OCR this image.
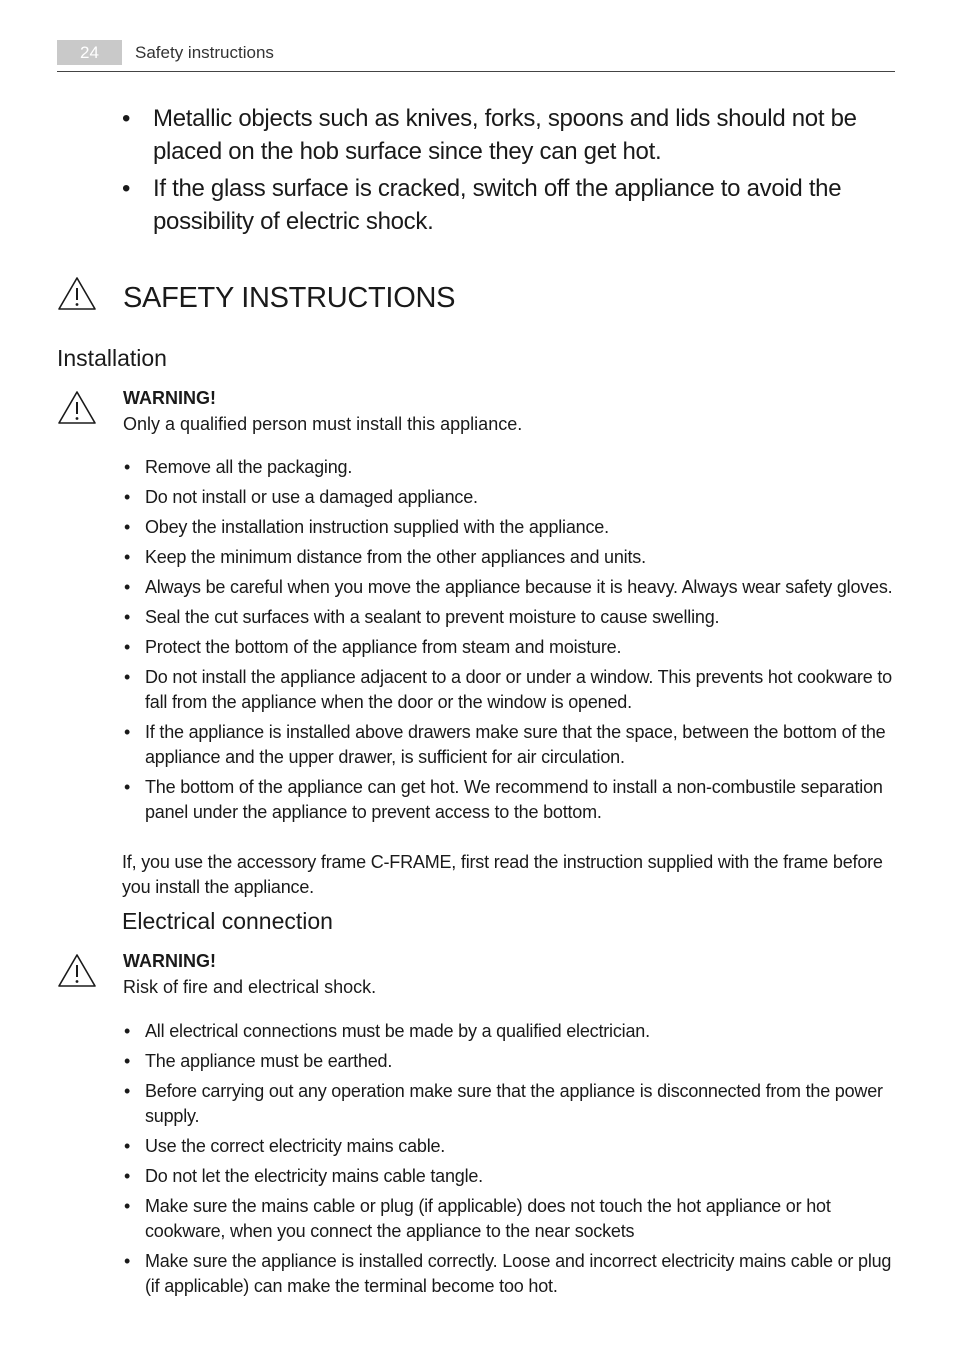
24	Safety instructions
• Metallic objects such as knives, forks, spoons and lids should not be placed on the hob surface since they can get hot.
• If the glass surface is cracked, switch off the appliance to avoid the possibility of electric shock.
SAFETY INSTRUCTIONS
Installation
WARNING!
Only a qualified person must install this appliance.
• Remove all the packaging.
• Do not install or use a damaged appliance.
• Obey the installation instruction supplied with the appliance.
• Keep the minimum distance from the other appliances and units.
• Always be careful when you move the appliance because it is heavy. Always wear safety gloves.
• Seal the cut surfaces with a sealant to prevent moisture to cause swelling.
• Protect the bottom of the appliance from steam and moisture.
• Do not install the appliance adjacent to a door or under a window. This prevents hot cookware to fall from the appliance when the door or the window is opened.
• If the appliance is installed above drawers make sure that the space, between the bottom of the appliance and the upper drawer, is sufficient for air circulation.
• The bottom of the appliance can get hot. We recommend to install a non-combustile separation panel under the appliance to prevent access to the bottom.
If, you use the accessory frame C-FRAME, first read the instruction supplied with the frame before you install the appliance.
Electrical connection
WARNING!
Risk of fire and electrical shock.
• All electrical connections must be made by a qualified electrician.
• The appliance must be earthed.
• Before carrying out any operation make sure that the appliance is disconnected from the power supply.
• Use the correct electricity mains cable.
• Do not let the electricity mains cable tangle.
• Make sure the mains cable or plug (if applicable) does not touch the hot appliance or hot cookware, when you connect the appliance to the near sockets
• Make sure the appliance is installed correctly. Loose and incorrect electricity mains cable or plug (if applicable) can make the terminal become too hot.
